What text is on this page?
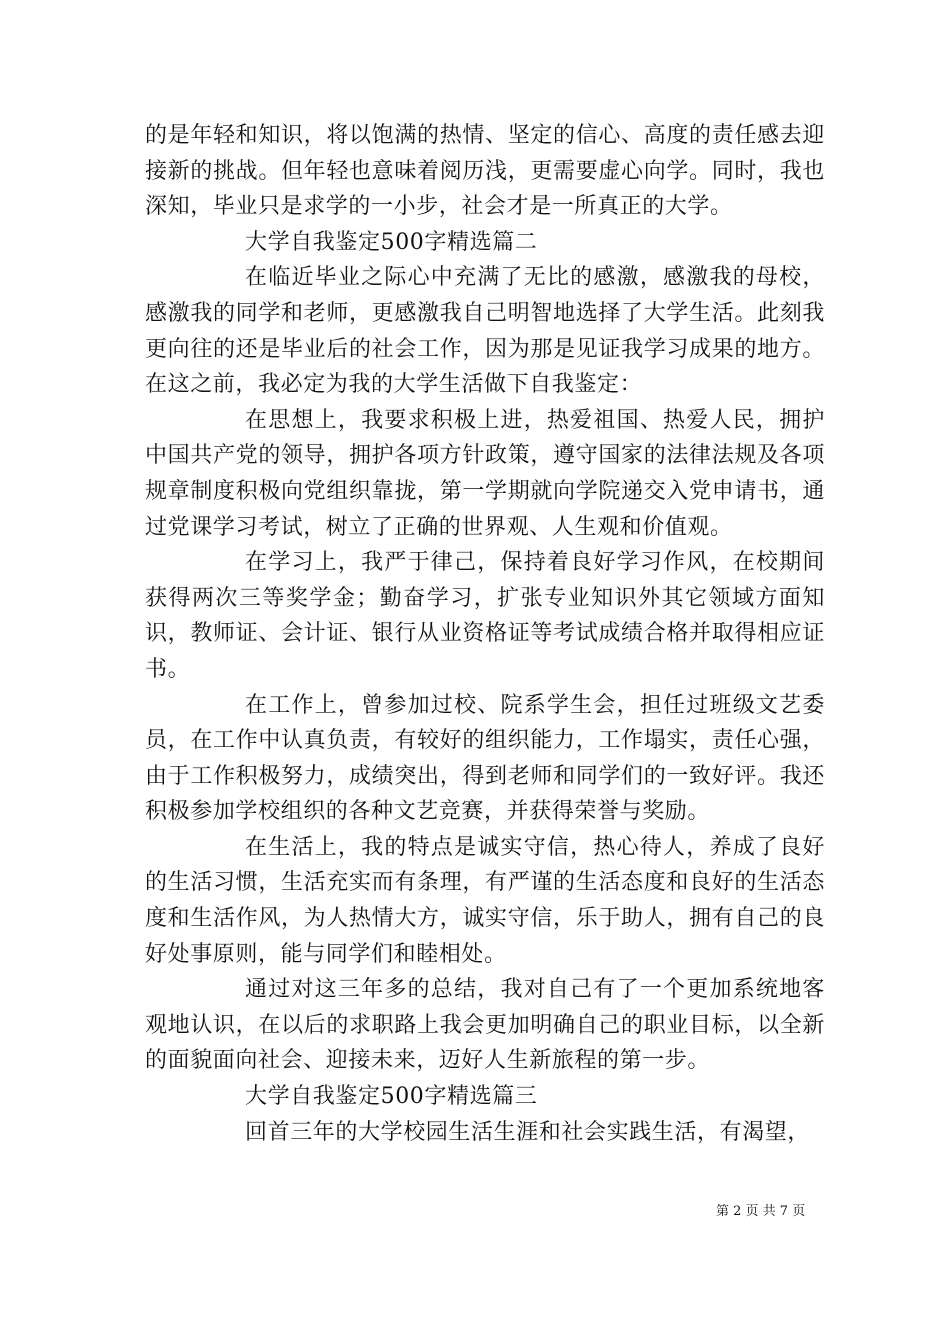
的是年轻和知识，将以饱满的热情、坚定的信心、高度的责任感去迎接新的挑战。但年轻也意味着阅历浅，更需要虚心向学。同时，我也深知，毕业只是求学的一小步，社会才是一所真正的大学。

大学自我鉴定500字精选篇二

在临近毕业之际心中充满了无比的感激，感激我的母校，感激我的同学和老师，更感激我自己明智地选择了大学生活。此刻我更向往的还是毕业后的社会工作，因为那是见证我学习成果的地方。在这之前，我必定为我的大学生活做下自我鉴定：

在思想上，我要求积极上进，热爱祖国、热爱人民，拥护中国共产党的领导，拥护各项方针政策，遵守国家的法律法规及各项规章制度积极向党组织靠拢，第一学期就向学院递交入党申请书，通过党课学习考试，树立了正确的世界观、人生观和价值观。

在学习上，我严于律己，保持着良好学习作风，在校期间获得两次三等奖学金；勤奋学习，扩张专业知识外其它领域方面知识，教师证、会计证、银行从业资格证等考试成绩合格并取得相应证书。

在工作上，曾参加过校、院系学生会，担任过班级文艺委员，在工作中认真负责，有较好的组织能力，工作塌实，责任心强，由于工作积极努力，成绩突出，得到老师和同学们的一致好评。我还积极参加学校组织的各种文艺竞赛，并获得荣誉与奖励。

在生活上，我的特点是诚实守信，热心待人，养成了良好的生活习惯，生活充实而有条理，有严谨的生活态度和良好的生活态度和生活作风，为人热情大方，诚实守信，乐于助人，拥有自己的良好处事原则，能与同学们和睦相处。

通过对这三年多的总结，我对自己有了一个更加系统地客观地认识，在以后的求职路上我会更加明确自己的职业目标，以全新的面貌面向社会、迎接未来，迈好人生新旅程的第一步。

大学自我鉴定500字精选篇三

回首三年的大学校园生活生涯和社会实践生活，有渴望，

第 2 页 共 7 页
